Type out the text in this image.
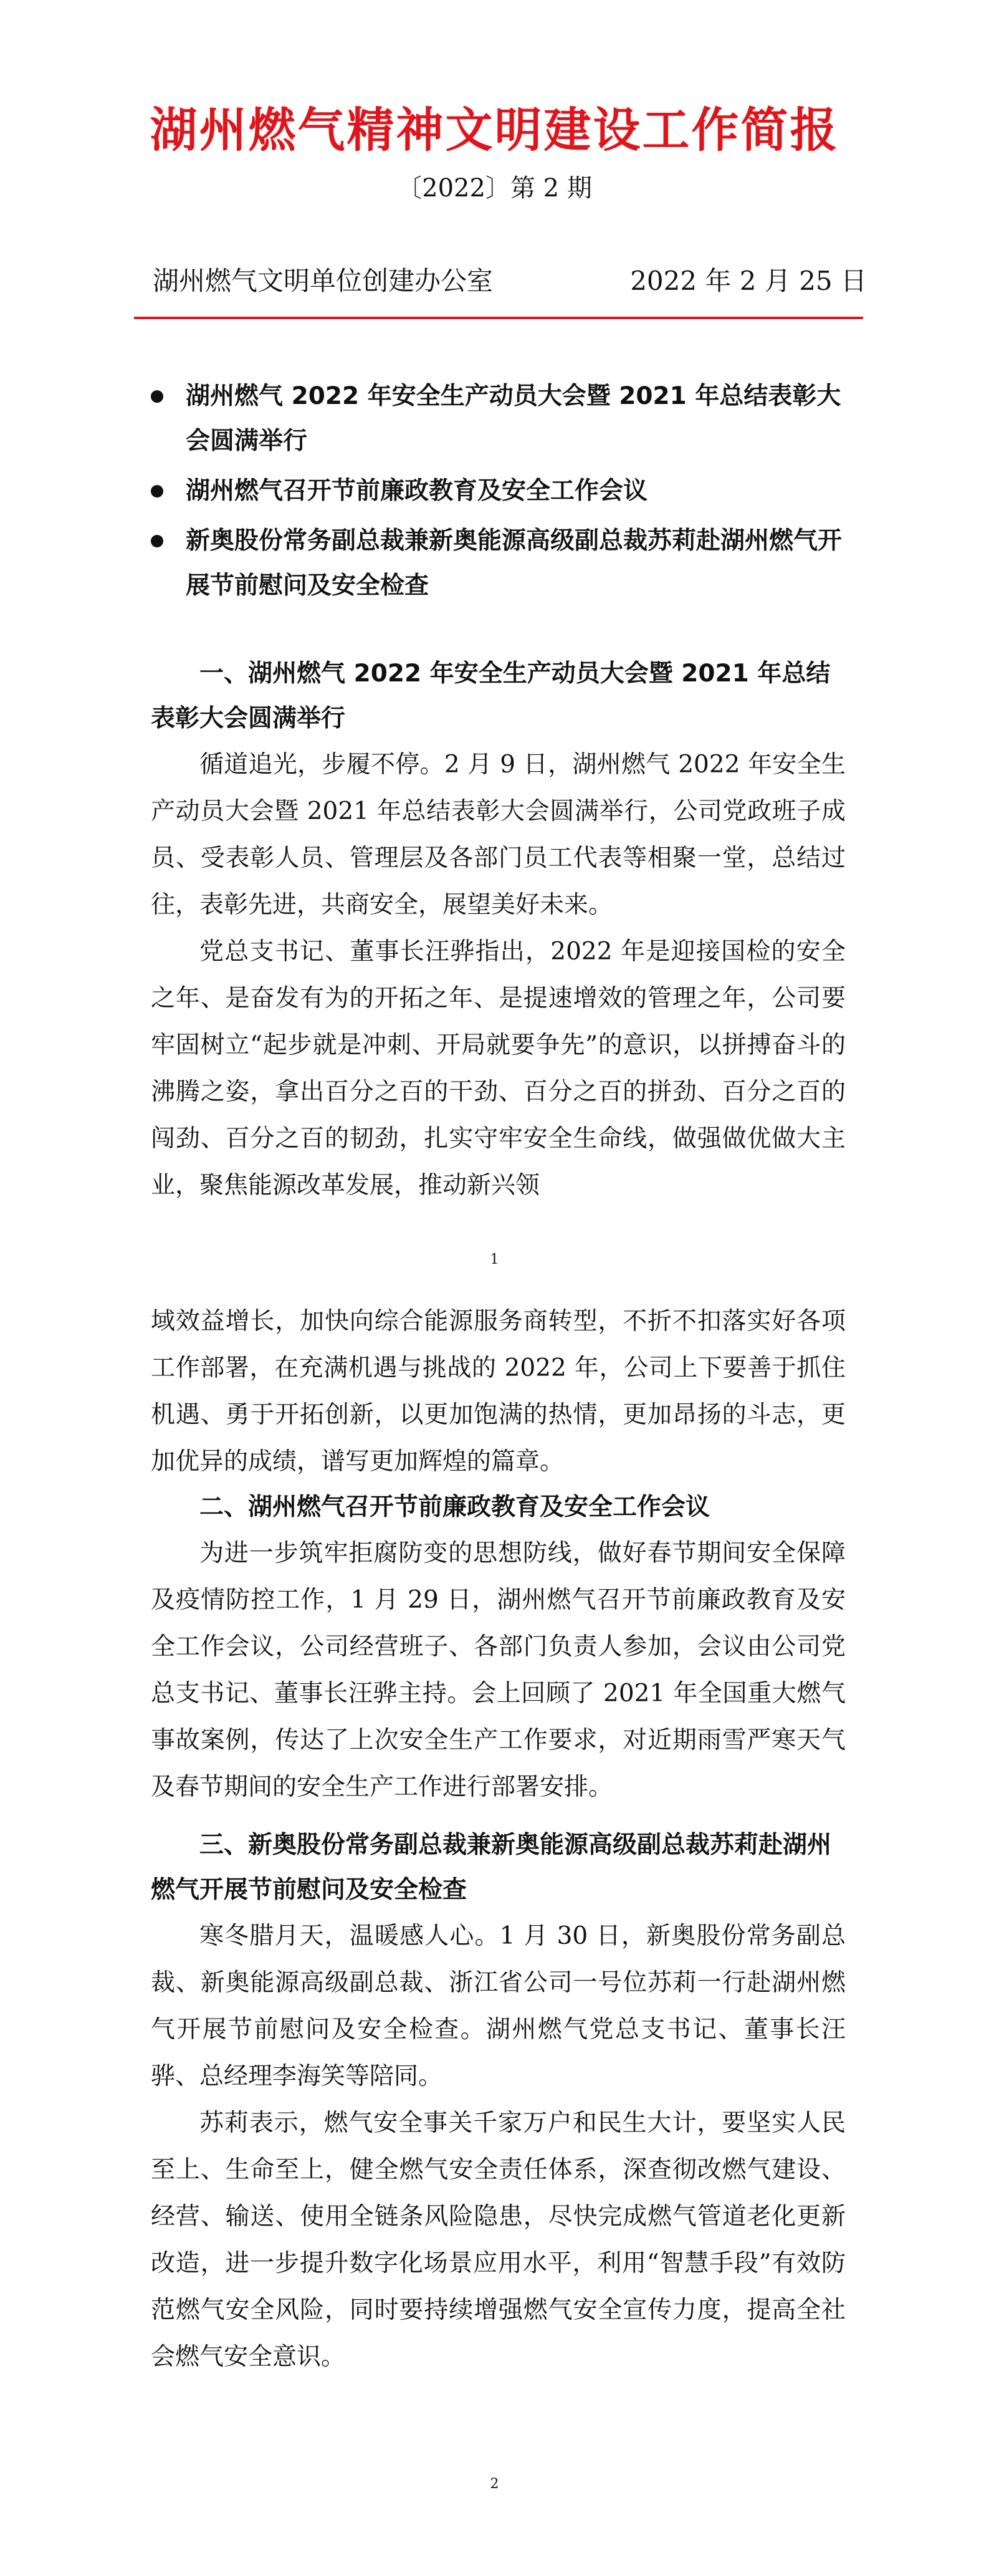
湖州燃气精神文明建设工作简报
〔2022〕第 2 期
湖州燃气文明单位创建办公室	2022 年 2 月 25 日
湖州燃气 2022 年安全生产动员大会暨 2021 年总结表彰大会圆满举行
湖州燃气召开节前廉政教育及安全工作会议
新奥股份常务副总裁兼新奥能源高级副总裁苏莉赴湖州燃气开展节前慰问及安全检查
一、湖州燃气 2022 年安全生产动员大会暨 2021 年总结表彰大会圆满举行

循道追光，步履不停。2 月 9 日，湖州燃气 2022 年安全生产动员大会暨 2021 年总结表彰大会圆满举行，公司党政班子成员、受表彰人员、管理层及各部门员工代表等相聚一堂，总结过往，表彰先进，共商安全，展望美好未来。

党总支书记、董事长汪骅指出，2022 年是迎接国检的安全之年、是奋发有为的开拓之年、是提速增效的管理之年，公司要牢固树立“起步就是冲刺、开局就要争先”的意识，以拼搏奋斗的沸腾之姿，拿出百分之百的干劲、百分之百的拼劲、百分之百的闯劲、百分之百的韧劲，扎实守牢安全生命线，做强做优做大主业，聚焦能源改革发展，推动新兴领

1

域效益增长，加快向综合能源服务商转型，不折不扣落实好各项工作部署，在充满机遇与挑战的 2022 年，公司上下要善于抓住机遇、勇于开拓创新，以更加饱满的热情，更加昂扬的斗志，更加优异的成绩，谱写更加辉煌的篇章。

二、湖州燃气召开节前廉政教育及安全工作会议

为进一步筑牢拒腐防变的思想防线，做好春节期间安全保障及疫情防控工作，1 月 29 日，湖州燃气召开节前廉政教育及安全工作会议，公司经营班子、各部门负责人参加，会议由公司党总支书记、董事长汪骅主持。会上回顾了 2021 年全国重大燃气事故案例，传达了上次安全生产工作要求，对近期雨雪严寒天气及春节期间的安全生产工作进行部署安排。

三、新奥股份常务副总裁兼新奥能源高级副总裁苏莉赴湖州燃气开展节前慰问及安全检查

寒冬腊月天，温暖感人心。1 月 30 日，新奥股份常务副总裁、新奥能源高级副总裁、浙江省公司一号位苏莉一行赴湖州燃气开展节前慰问及安全检查。湖州燃气党总支书记、董事长汪骅、总经理李海笑等陪同。

苏莉表示，燃气安全事关千家万户和民生大计，要坚实人民至上、生命至上，健全燃气安全责任体系，深查彻改燃气建设、经营、输送、使用全链条风险隐患，尽快完成燃气管道老化更新改造，进一步提升数字化场景应用水平，利用“智慧手段”有效防范燃气安全风险，同时要持续增强燃气安全宣传力度，提高全社会燃气安全意识。

2
